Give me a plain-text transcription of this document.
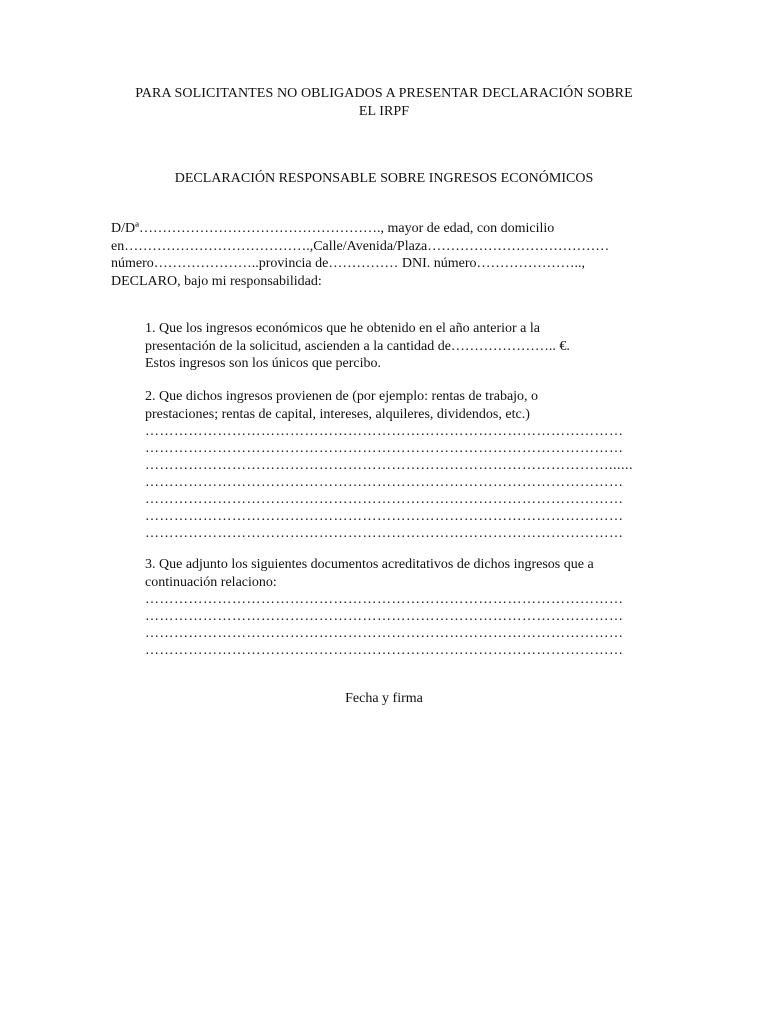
PARA SOLICITANTES NO OBLIGADOS A PRESENTAR DECLARACIÓN SOBRE
EL IRPF
DECLARACIÓN RESPONSABLE SOBRE INGRESOS ECONÓMICOS
D/Dª……………………………………………., mayor de edad, con domicilio
en………………………………….,Calle/Avenida/Plaza…………………………………
número…………………..provincia de…………… DNI. número…………………..,
DECLARO, bajo mi responsabilidad:
1. Que los ingresos económicos que he obtenido en el año anterior a la
presentación de la solicitud, ascienden a la cantidad de………………….. €.
Estos ingresos son los únicos que percibo.
2. Que dichos ingresos provienen de (por ejemplo: rentas de trabajo, o
prestaciones; rentas de capital, intereses, alquileres, dividendos, etc.)
………………………………………………………………………………………
………………………………………………………………………………………
……………………………………………………………………………………......
………………………………………………………………………………………
………………………………………………………………………………………
………………………………………………………………………………………
………………………………………………………………………………………
3. Que adjunto los siguientes documentos acreditativos de dichos ingresos que a
continuación relaciono:
………………………………………………………………………………………
………………………………………………………………………………………
………………………………………………………………………………………
………………………………………………………………………………………
Fecha y firma
